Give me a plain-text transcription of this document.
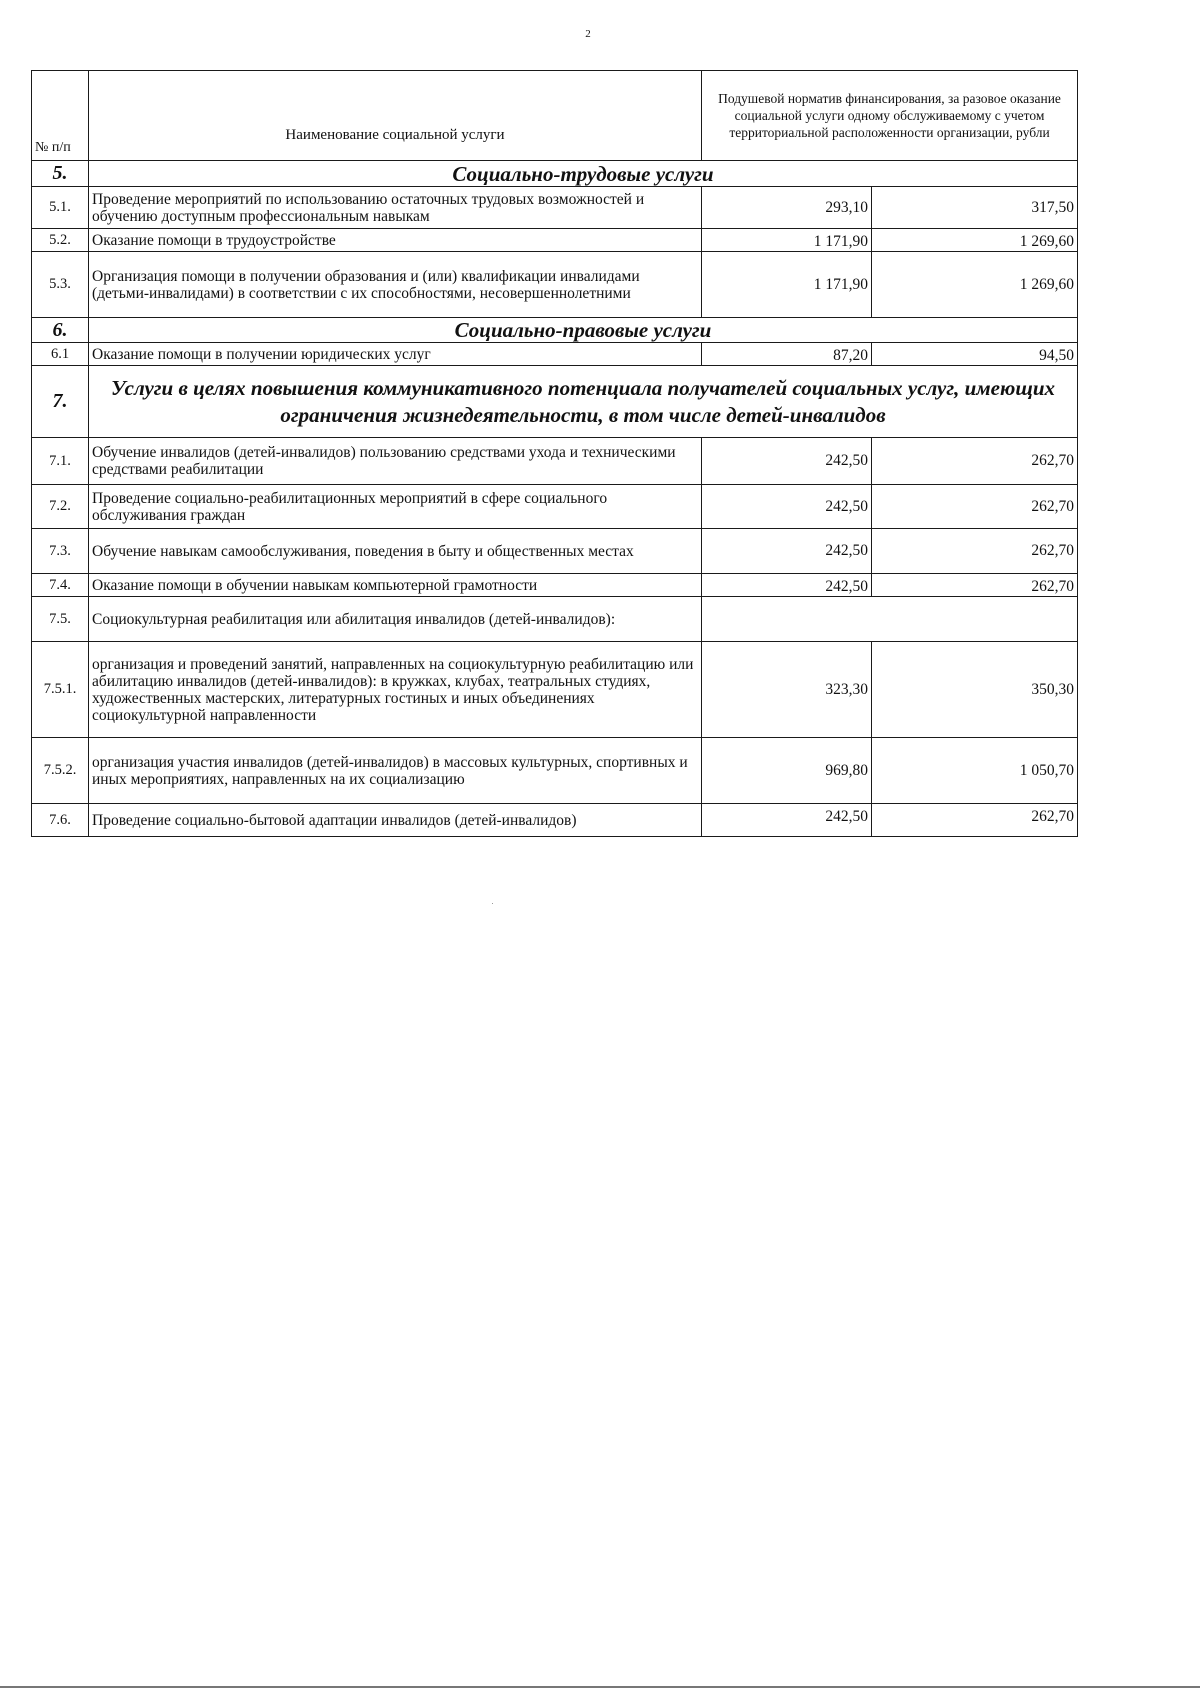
2
№ п/п	Наименование социальной услуги	Подушевой норматив финансирования, за разовое оказание социальной услуги одному обслуживаемому с учетом территориальной расположенности организации, рубли	
5.	Социально-трудовые услуги		
5.1.	Проведение мероприятий по использованию остаточных трудовых возможностей и обучению доступным профессиональным навыкам	293,10	317,50
5.2.	Оказание помощи в трудоустройстве	1 171,90	1 269,60
5.3.	Организация помощи в получении образования и (или) квалификации инвалидами (детьми-инвалидами) в соответствии с их способностями, несовершеннолетними	1 171,90	1 269,60
6.	Социально-правовые услуги		
6.1	Оказание помощи в получении юридических услуг	87,20	94,50
7.	Услуги в целях повышения коммуникативного потенциала получателей социальных услуг, имеющих ограничения жизнедеятельности, в том числе детей-инвалидов		
7.1.	Обучение инвалидов (детей-инвалидов) пользованию средствами ухода и техническими средствами реабилитации	242,50	262,70
7.2.	Проведение социально-реабилитационных мероприятий в сфере социального обслуживания граждан	242,50	262,70
7.3.	Обучение навыкам самообслуживания, поведения в быту и общественных местах	242,50	262,70
7.4.	Оказание помощи в обучении навыкам компьютерной грамотности	242,50	262,70
7.5.	Социокультурная реабилитация или абилитация инвалидов (детей-инвалидов):		
7.5.1.	организация и проведений занятий, направленных на социокультурную реабилитацию или абилитацию инвалидов (детей-инвалидов): в кружках, клубах, театральных студиях, художественных мастерских, литературных гостиных и иных объединениях социокультурной направленности	323,30	350,30
7.5.2.	организация участия инвалидов (детей-инвалидов) в массовых культурных, спортивных и иных мероприятиях, направленных на их социализацию	969,80	1 050,70
7.6.	Проведение социально-бытовой адаптации инвалидов (детей-инвалидов)	242,50	262,70
